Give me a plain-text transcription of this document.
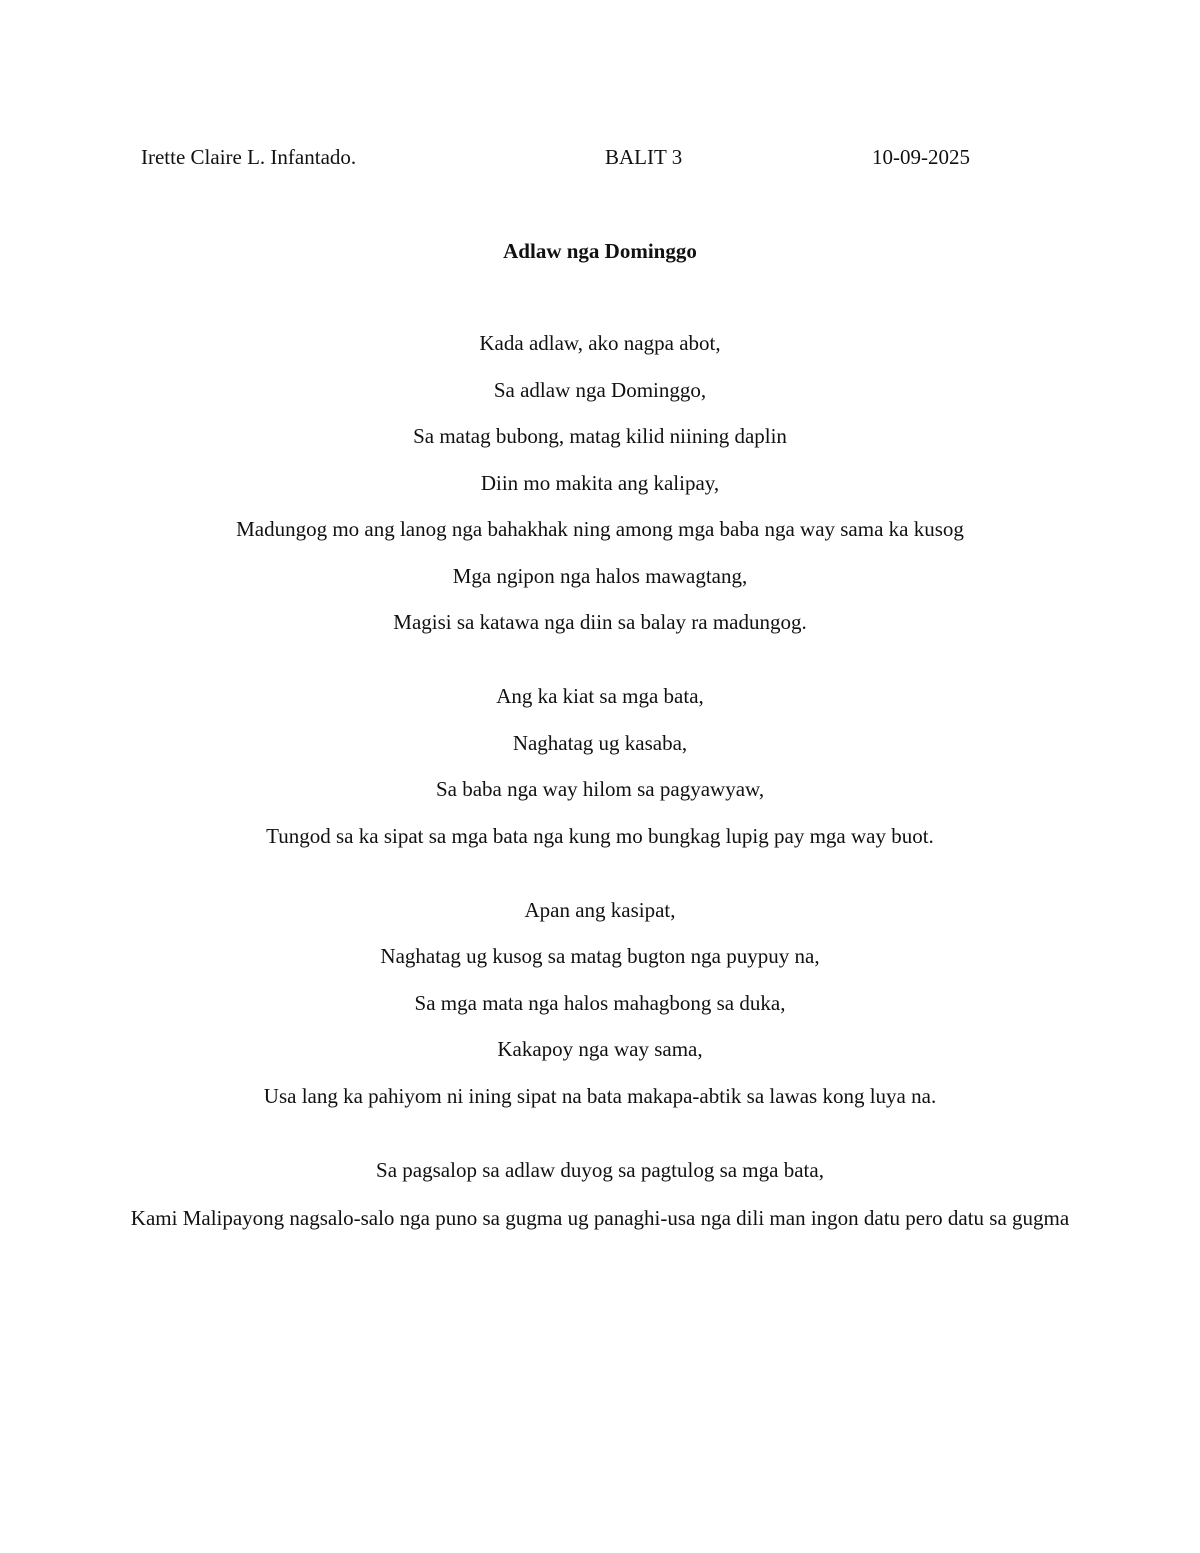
Irette Claire L. Infantado.	BALIT 3	10-09-2025
Adlaw nga Dominggo
Kada adlaw, ako nagpa abot,
Sa adlaw nga Dominggo,
Sa matag bubong, matag kilid niining daplin
Diin mo makita ang kalipay,
Madungog mo ang lanog nga bahakhak ning among mga baba nga way sama ka kusog
Mga ngipon nga halos mawagtang,
Magisi sa katawa nga diin sa balay ra madungog.
Ang ka kiat sa mga bata,
Naghatag ug kasaba,
Sa baba nga way hilom sa pagyawyaw,
Tungod sa ka sipat sa mga bata nga kung mo bungkag lupig pay mga way buot.
Apan ang kasipat,
Naghatag ug kusog sa matag bugton nga puypuy na,
Sa mga mata nga halos mahagbong sa duka,
Kakapoy nga way sama,
Usa lang ka pahiyom ni ining sipat na bata makapa-abtik sa lawas kong luya na.
Sa pagsalop sa adlaw duyog sa pagtulog sa mga bata,
Kami Malipayong nagsalo-salo nga puno sa gugma ug panaghi-usa nga dili man ingon datu pero datu sa gugma
